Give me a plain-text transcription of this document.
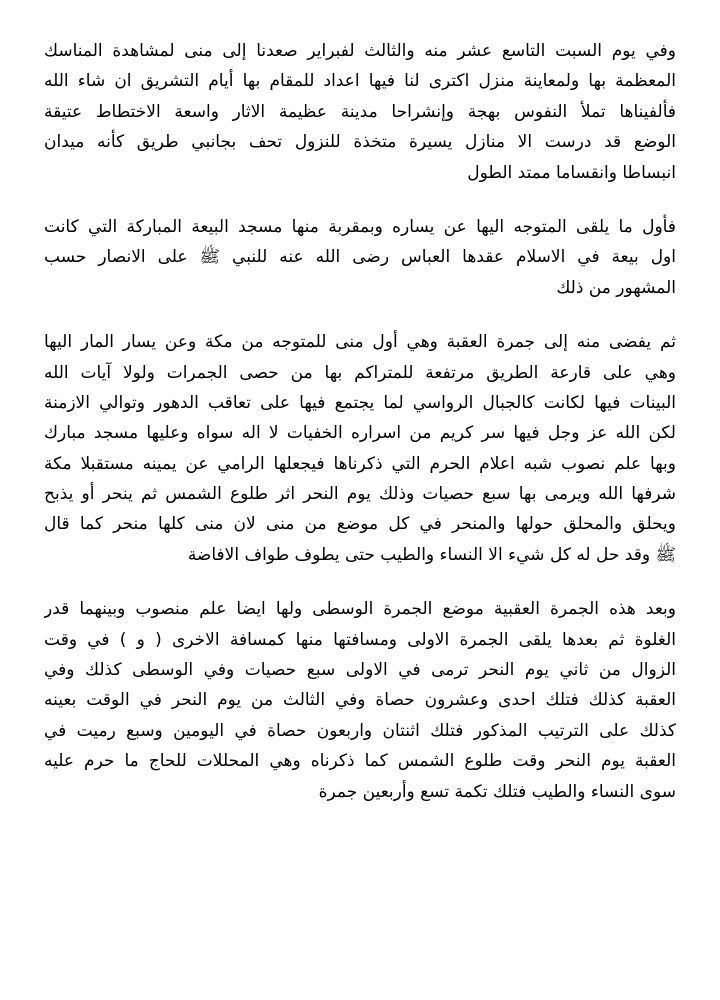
وفي يوم السبت التاسع عشر منه والثالث لفبراير صعدنا إلى منى لمشاهدة المناسك
المعظمة بها ولمعاينة منزل اكترى لنا فيها اعداد للمقام بها أيام التشريق ان شاء الله
فألفيناها تملأ النفوس بهجة وإنشراحا مدينة عظيمة الاثار واسعة الاختطاط عتيقة
الوضع قد درست الا منازل يسيرة متخذة للنزول تحف بجانبي طريق كأنه ميدان
انبساطا وانقساما ممتد الطول
فأول ما يلقى المتوجه اليها عن يساره وبمقربة منها مسجد البيعة المباركة التي كانت
اول بيعة في الاسلام عقدها العباس رضى الله عنه للنبي ﷺ على الانصار حسب
المشهور من ذلك
ثم يفضى منه إلى جمرة العقبة وهي أول منى للمتوجه من مكة وعن يسار المار اليها
وهي على قارعة الطريق مرتفعة للمتراكم بها من حصى الجمرات ولولا آيات الله
البينات فيها لكانت كالجبال الرواسي لما يجتمع فيها على تعاقب الدهور وتوالي الازمنة
لكن الله عز وجل فيها سر كريم من اسراره الخفيات لا اله سواه وعليها مسجد مبارك
وبها علم نصوب شبه اعلام الحرم التي ذكرناها فيجعلها الرامي عن يمينه مستقبلا مكة
شرفها الله ويرمى بها سبع حصيات وذلك يوم النحر اثر طلوع الشمس ثم ينحر أو يذبح
ويحلق والمحلق حولها والمنحر في كل موضع من منى لان منى كلها منحر كما قال
ﷺ وقد حل له كل شيء الا النساء والطيب حتى يطوف طواف الافاضة
وبعد هذه الجمرة العقبية موضع الجمرة الوسطى ولها ايضا علم منصوب وبينهما قدر
الغلوة ثم بعدها يلقى الجمرة الاولى ومسافتها منها كمسافة الاخرى ( و ) في وقت
الزوال من ثاني يوم النحر ترمى في الاولى سبع حصيات وفي الوسطى كذلك وفي
العقبة كذلك فتلك احدى وعشرون حصاة وفي الثالث من يوم النحر في الوقت بعينه
كذلك على الترتيب المذكور فتلك اثنتان واربعون حصاة في اليومين وسبع رميت في
العقبة يوم النحر وقت طلوع الشمس كما ذكرناه وهي المحللات للحاج ما حرم عليه
سوى النساء والطيب فتلك تكمة تسع وأربعين جمرة
